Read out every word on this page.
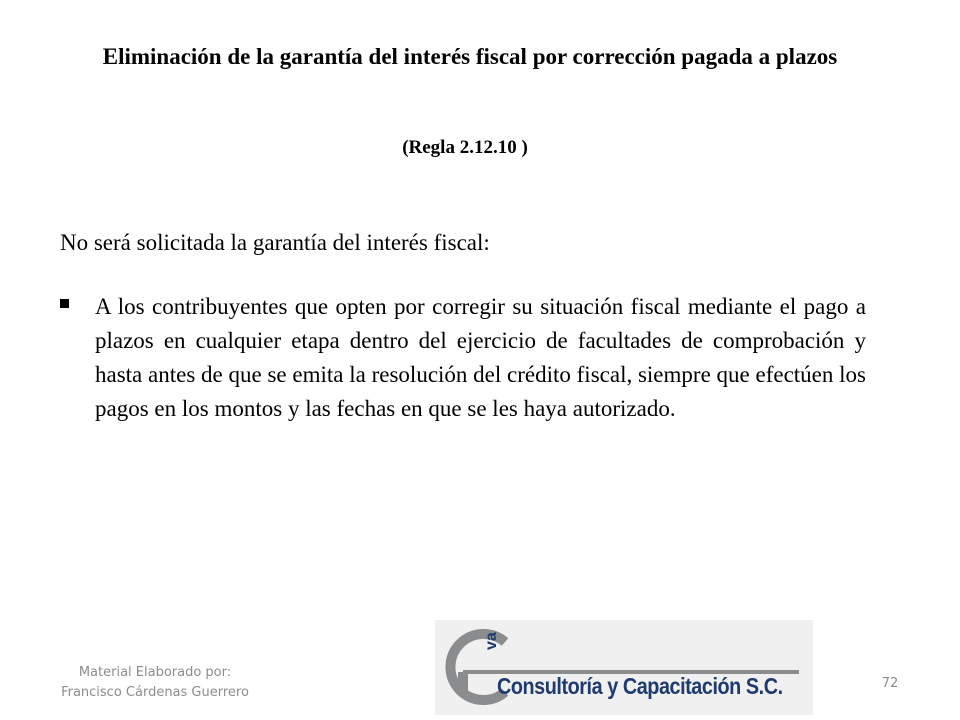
Eliminación de la garantía del interés fiscal por corrección pagada a plazos
(Regla 2.12.10 )
No será solicitada la garantía del interés fiscal:
A los contribuyentes que opten por corregir su situación fiscal mediante el pago a plazos en cualquier etapa dentro del ejercicio de facultades de comprobación y hasta antes de que se emita la resolución del crédito fiscal, siempre que efectúen los pagos en los montos y las fechas en que se les haya autorizado.
Material Elaborado por:
Francisco Cárdenas Guerrero
va
Consultoría y Capacitación S.C.	72
